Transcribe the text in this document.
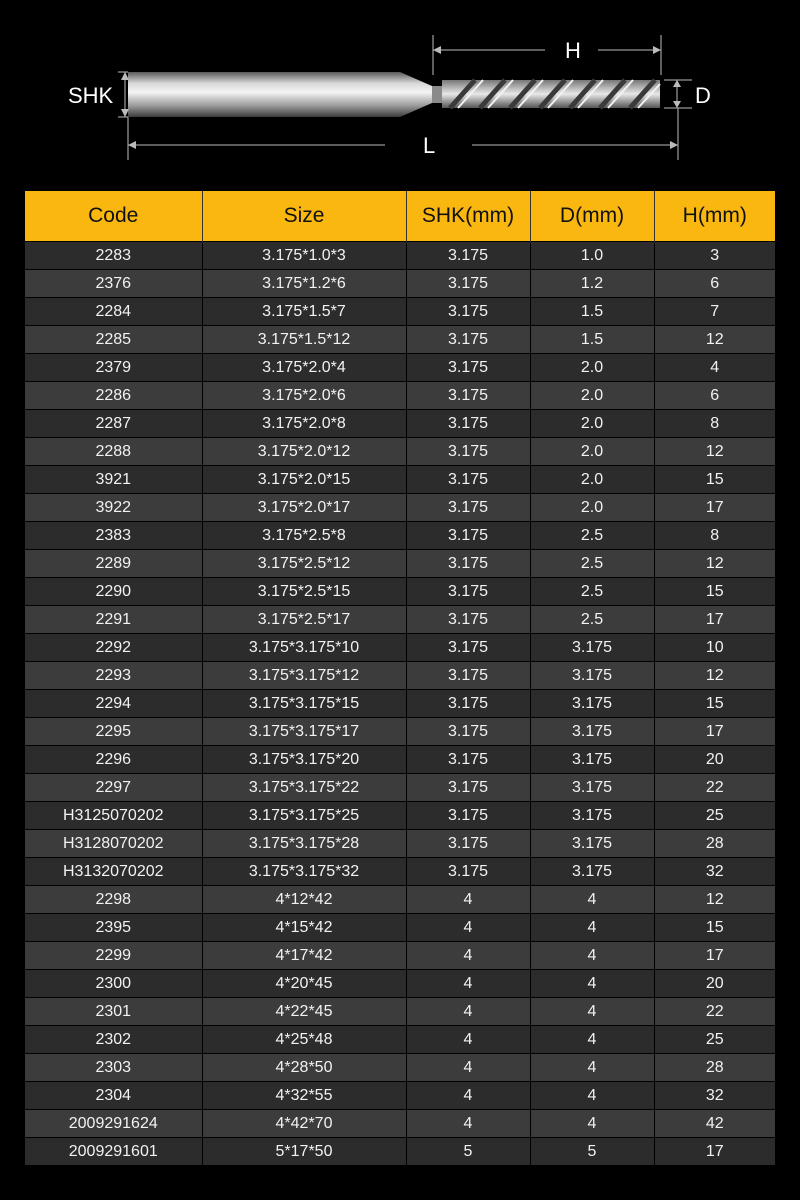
SHK
H
D
L
Code	Size	SHK(mm)	D(mm)	H(mm)
2283	3.175*1.0*3	3.175	1.0	3
2376	3.175*1.2*6	3.175	1.2	6
2284	3.175*1.5*7	3.175	1.5	7
2285	3.175*1.5*12	3.175	1.5	12
2379	3.175*2.0*4	3.175	2.0	4
2286	3.175*2.0*6	3.175	2.0	6
2287	3.175*2.0*8	3.175	2.0	8
2288	3.175*2.0*12	3.175	2.0	12
3921	3.175*2.0*15	3.175	2.0	15
3922	3.175*2.0*17	3.175	2.0	17
2383	3.175*2.5*8	3.175	2.5	8
2289	3.175*2.5*12	3.175	2.5	12
2290	3.175*2.5*15	3.175	2.5	15
2291	3.175*2.5*17	3.175	2.5	17
2292	3.175*3.175*10	3.175	3.175	10
2293	3.175*3.175*12	3.175	3.175	12
2294	3.175*3.175*15	3.175	3.175	15
2295	3.175*3.175*17	3.175	3.175	17
2296	3.175*3.175*20	3.175	3.175	20
2297	3.175*3.175*22	3.175	3.175	22
H3125070202	3.175*3.175*25	3.175	3.175	25
H3128070202	3.175*3.175*28	3.175	3.175	28
H3132070202	3.175*3.175*32	3.175	3.175	32
2298	4*12*42	4	4	12
2395	4*15*42	4	4	15
2299	4*17*42	4	4	17
2300	4*20*45	4	4	20
2301	4*22*45	4	4	22
2302	4*25*48	4	4	25
2303	4*28*50	4	4	28
2304	4*32*55	4	4	32
2009291624	4*42*70	4	4	42
2009291601	5*17*50	5	5	17
